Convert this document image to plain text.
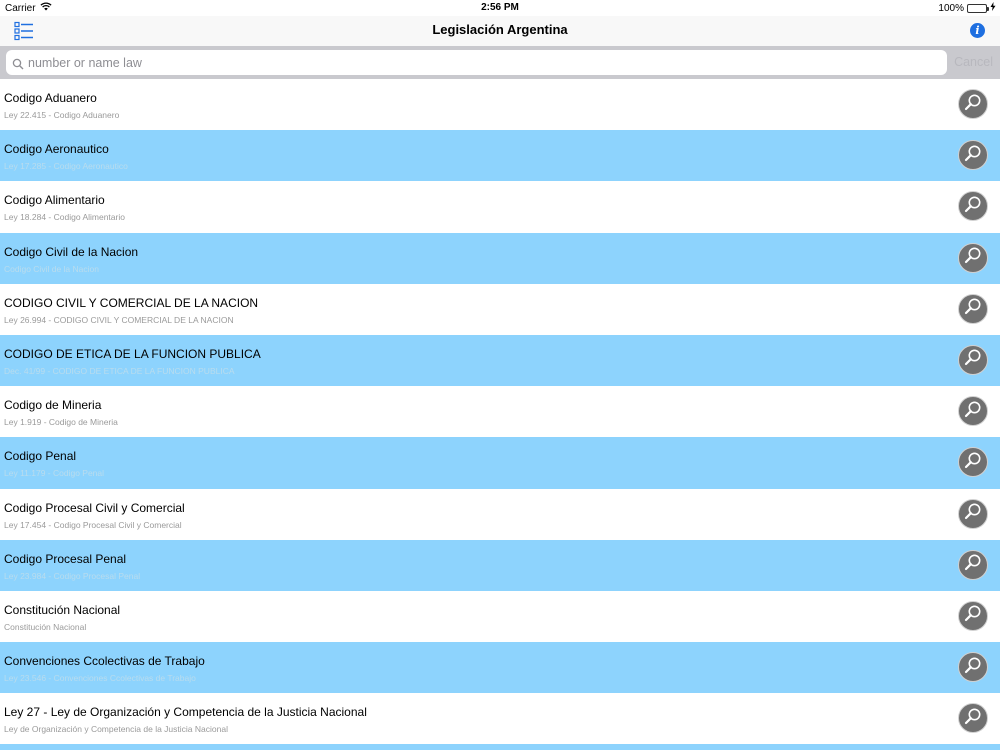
Carrier	2:56 PM	100%
Legislación Argentina	i
number or name law
Cancel
Codigo Aduanero
Ley 22.415 - Codigo Aduanero
Codigo Aeronautico
Ley 17.285 - Codigo Aeronautico
Codigo Alimentario
Ley 18.284 - Codigo Alimentario
Codigo Civil de la Nacion
Codigo Civil de la Nacion
CODIGO CIVIL Y COMERCIAL DE LA NACION
Ley 26.994 - CODIGO CIVIL Y COMERCIAL DE LA NACION
CODIGO DE ETICA DE LA FUNCION PUBLICA
Dec. 41/99 - CODIGO DE ETICA DE LA FUNCION PUBLICA
Codigo de Mineria
Ley 1.919 - Codigo de Mineria
Codigo Penal
Ley 11.179 - Codigo Penal
Codigo Procesal Civil y Comercial
Ley 17.454 - Codigo Procesal Civil y Comercial
Codigo Procesal Penal
Ley 23.984 - Codigo Procesal Penal
Constitución Nacional
Constitución Nacional
Convenciones Ccolectivas de Trabajo
Ley 23.546 - Convenciones Ccolectivas de Trabajo
Ley 27 - Ley de Organización y Competencia de la Justicia Nacional
Ley de Organización y Competencia de la Justicia Nacional
